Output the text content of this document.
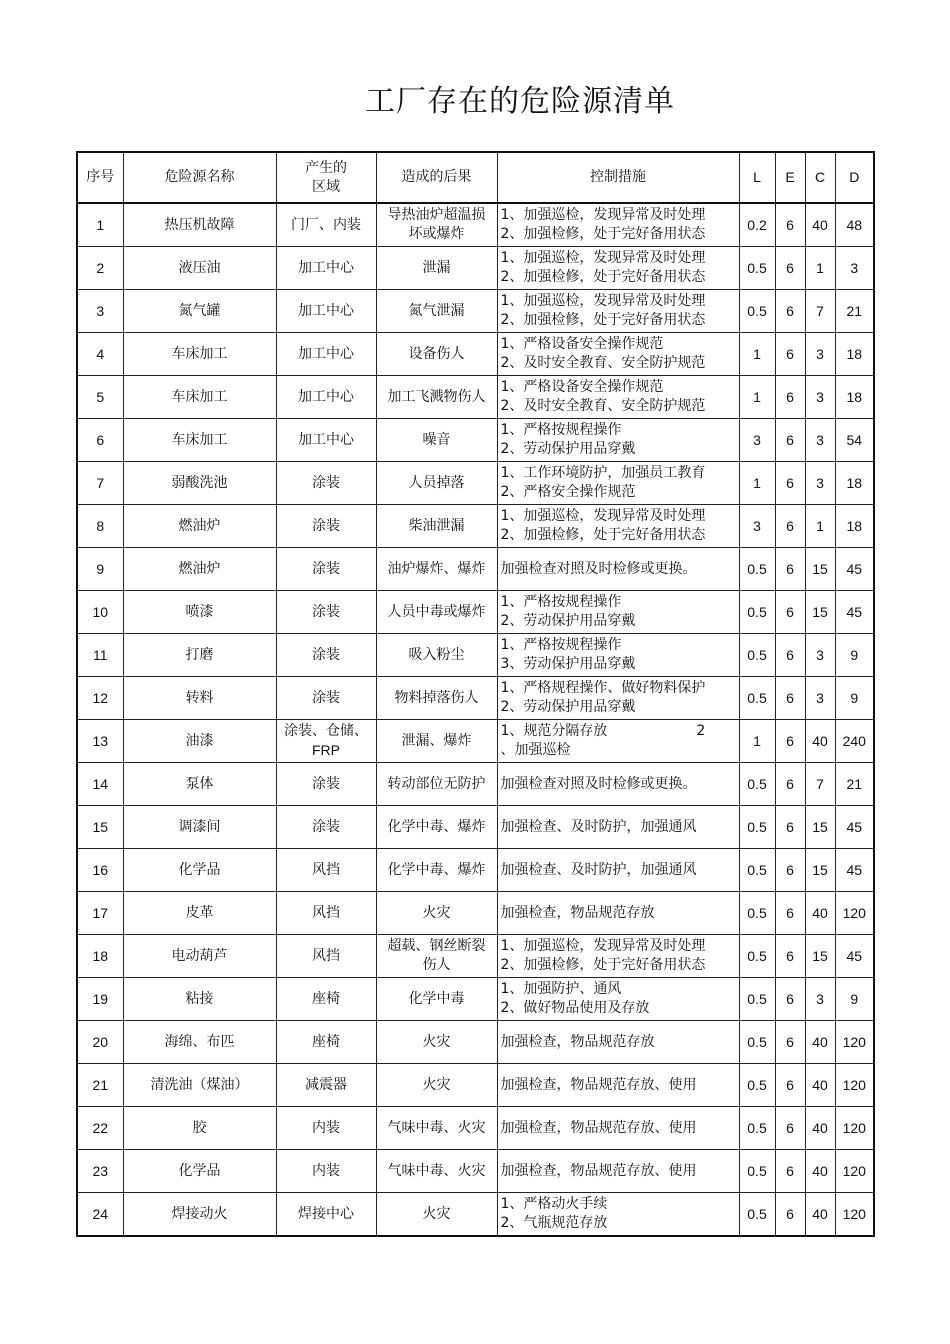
工厂存在的危险源清单
序号	危险源名称	产生的
区域	造成的后果	控制措施	L	E	C	D
1	热压机故障	门厂、内装	导热油炉超温损
坏或爆炸	1、加强巡检，发现异常及时处理
2、加强检修，处于完好备用状态	0.2	6	40	48
2	液压油	加工中心	泄漏	1、加强巡检，发现异常及时处理
2、加强检修，处于完好备用状态	0.5	6	1	3
3	氮气罐	加工中心	氮气泄漏	1、加强巡检，发现异常及时处理
2、加强检修，处于完好备用状态	0.5	6	7	21
4	车床加工	加工中心	设备伤人	1、严格设备安全操作规范
2、及时安全教育、安全防护规范	1	6	3	18
5	车床加工	加工中心	加工飞溅物伤人	1、严格设备安全操作规范
2、及时安全教育、安全防护规范	1	6	3	18
6	车床加工	加工中心	噪音	1、严格按规程操作
2、劳动保护用品穿戴	3	6	3	54
7	弱酸洗池	涂装	人员掉落	1、工作环境防护，加强员工教育
2、严格安全操作规范	1	6	3	18
8	燃油炉	涂装	柴油泄漏	1、加强巡检，发现异常及时处理
2、加强检修，处于完好备用状态	3	6	1	18
9	燃油炉	涂装	油炉爆炸、爆炸	加强检查对照及时检修或更换。	0.5	6	15	45
10	喷漆	涂装	人员中毒或爆炸	1、严格按规程操作
2、劳动保护用品穿戴	0.5	6	15	45
11	打磨	涂装	吸入粉尘	1、严格按规程操作
3、劳动保护用品穿戴	0.5	6	3	9
12	转料	涂装	物料掉落伤人	1、严格规程操作、做好物料保护
2、劳动保护用品穿戴	0.5	6	3	9
13	油漆	涂装、仓储、
FRP	泄漏、爆炸	1、规范分隔存放                    2
、加强巡检	1	6	40	240
14	泵体	涂装	转动部位无防护	加强检查对照及时检修或更换。	0.5	6	7	21
15	调漆间	涂装	化学中毒、爆炸	加强检查、及时防护，加强通风	0.5	6	15	45
16	化学品	风挡	化学中毒、爆炸	加强检查、及时防护，加强通风	0.5	6	15	45
17	皮革	风挡	火灾	加强检查，物品规范存放	0.5	6	40	120
18	电动葫芦	风挡	超载、钢丝断裂
伤人	1、加强巡检，发现异常及时处理
2、加强检修，处于完好备用状态	0.5	6	15	45
19	粘接	座椅	化学中毒	1、加强防护、通风
2、做好物品使用及存放	0.5	6	3	9
20	海绵、布匹	座椅	火灾	加强检查，物品规范存放	0.5	6	40	120
21	清洗油（煤油）	减震器	火灾	加强检查，物品规范存放、使用	0.5	6	40	120
22	胶	内装	气味中毒、火灾	加强检查，物品规范存放、使用	0.5	6	40	120
23	化学品	内装	气味中毒、火灾	加强检查，物品规范存放、使用	0.5	6	40	120
24	焊接动火	焊接中心	火灾	1、严格动火手续
2、气瓶规范存放	0.5	6	40	120
